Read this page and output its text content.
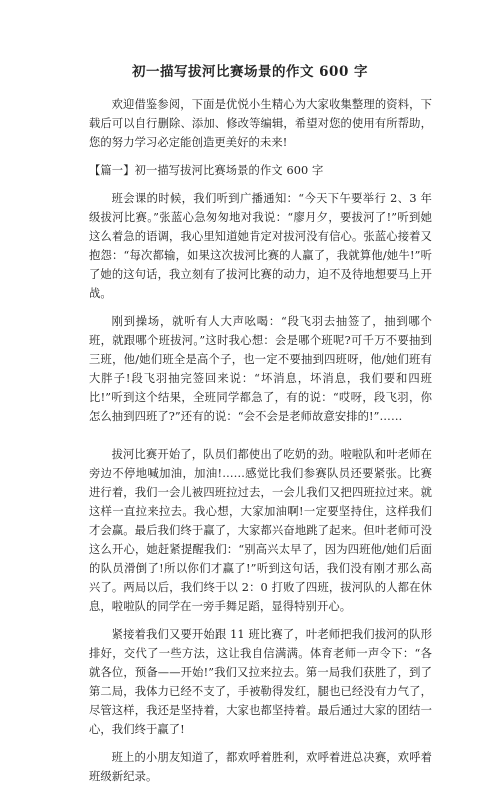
初一描写拔河比赛场景的作文 600 字

欢迎借鉴参阅，下面是优悦小生精心为大家收集整理的资料，下载后可以自行删除、添加、修改等编辑，希望对您的使用有所帮助，您的努力学习必定能创造更美好的未来!

【篇一】初一描写拔河比赛场景的作文 600 字

班会课的时候，我们听到广播通知：“今天下午要举行 2、3 年级拔河比赛。”张蓝心急匆匆地对我说：“廖月夕，要拔河了!”听到她这么着急的语调，我心里知道她肯定对拔河没有信心。张蓝心接着又抱怨：“每次都输，如果这次拔河比赛的人赢了，我就算他/她牛!”听了她的这句话，我立刻有了拔河比赛的动力，迫不及待地想要马上开战。

刚到操场，就听有人大声吆喝：“段飞羽去抽签了，抽到哪个班，就跟哪个班拔河。”这时我心想：会是哪个班呢?可千万不要抽到三班，他/她们班全是高个子，也一定不要抽到四班呀，他/她们班有大胖子!段飞羽抽完签回来说：“坏消息，坏消息，我们要和四班比!”听到这个结果，全班同学都急了，有的说：“哎呀，段飞羽，你怎么抽到四班了?”还有的说：“会不会是老师故意安排的!”……

拔河比赛开始了，队员们都使出了吃奶的劲。啦啦队和叶老师在旁边不停地喊加油，加油!……感觉比我们参赛队员还要紧张。比赛进行着，我们一会儿被四班拉过去，一会儿我们又把四班拉过来。就这样一直拉来拉去。我心想，大家加油啊!一定要坚持住，这样我们才会赢。最后我们终于赢了，大家都兴奋地跳了起来。但叶老师可没这么开心，她赶紧提醒我们：“别高兴太早了，因为四班他/她们后面的队员滑倒了!所以你们才赢了!”听到这句话，我们没有刚才那么高兴了。两局以后，我们终于以 2：0 打败了四班，拔河队的人都在休息，啦啦队的同学在一旁手舞足蹈，显得特别开心。

紧接着我们又要开始跟 11 班比赛了，叶老师把我们拔河的队形排好，交代了一些方法，这让我自信满满。体育老师一声令下：“各就各位，预备——开始!”我们又拉来拉去。第一局我们获胜了，到了第二局，我体力已经不支了，手被勒得发红，腿也已经没有力气了，尽管这样，我还是坚持着，大家也都坚持着。最后通过大家的团结一心，我们终于赢了!

班上的小朋友知道了，都欢呼着胜利，欢呼着进总决赛，欢呼着班级新纪录。
